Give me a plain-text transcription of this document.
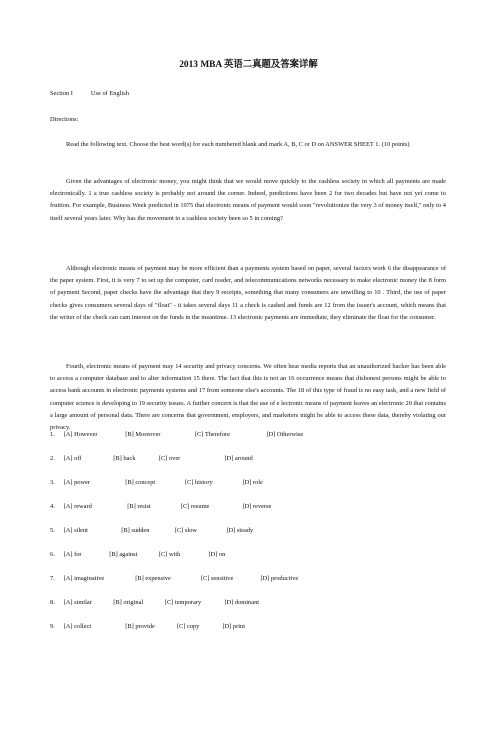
2013 MBA 英语二真题及答案详解
Section I	Use of English
Directions:

Read the following text. Choose the best word(s) for each numbered blank and mark A, B, C or D on ANSWER SHEET 1. (10 points)

Given the advantages of electronic money, you might think that we would move quickly to the cashless society in which all payments are made electronically. 1 a true cashless society is probably not around the corner. Indeed, predictions have been 2 for two decades but have not yet come to fruition. For example, Business Week predicted in 1975 that electronic means of payment would soon "revolutionize the very 3 of money itself," only to 4 itself several years later. Why has the movement to a cashless society been so 5 in coming?

Although electronic means of payment may be more efficient than a payments system based on paper, several factors work 6 the disappearance of the paper system. First, it is very 7 to set up the computer, card reader, and telecommunications networks necessary to make electronic money the 8 form of payment Second, paper checks have the advantage that they 9 receipts, something that many consumers are unwilling to 10 . Third, the use of paper checks gives consumers several days of "float" - it takes several days 11 a check is cashed and funds are 12 from the issuer's account, which means that the writer of the check can cam interest on the funds in the meantime. 13 electronic payments are immediate, they eliminate the float for the consumer.

Fourth, electronic means of payment may 14 security and privacy concerns. We often hear media reports that an unauthorized hacker has been able to access a computer database and to alter information 15 there. The fact that this is not an 16 occurrence means that dishonest persons might be able to access bank accounts in electronic payments systems and 17 from someone else's accounts. The 18 of this type of fraud is no easy task, and a new field of computer science is developing to 19 security issues. A further concern is that the use of e lectronic means of payment leaves an electronic 20 that contains a large amount of personal data. There are concerns that government, employers, and marketers might be able to access these data, thereby violating our privacy.

1. [A] However	[B] Moreover	[C] Therefore	[D] Otherwise
2. [A] off	[B] back	[C] over	[D] around
3. [A] power	[B] concept	[C] history	[D] role
4. [A] reward	[B] resist	[C] resume	[D] reverse
5. [A] silent	[B] sudden	[C] slow	[D] steady
6. [A] for	[B] against	[C] with	[D] on
7. [A] imaginative	[B] expensive	[C] sensitive	[D] productive
8. [A] similar	[B] original	[C] temporary	[D] dominant
9. [A] collect	[B] provide	[C] copy	[D] print
